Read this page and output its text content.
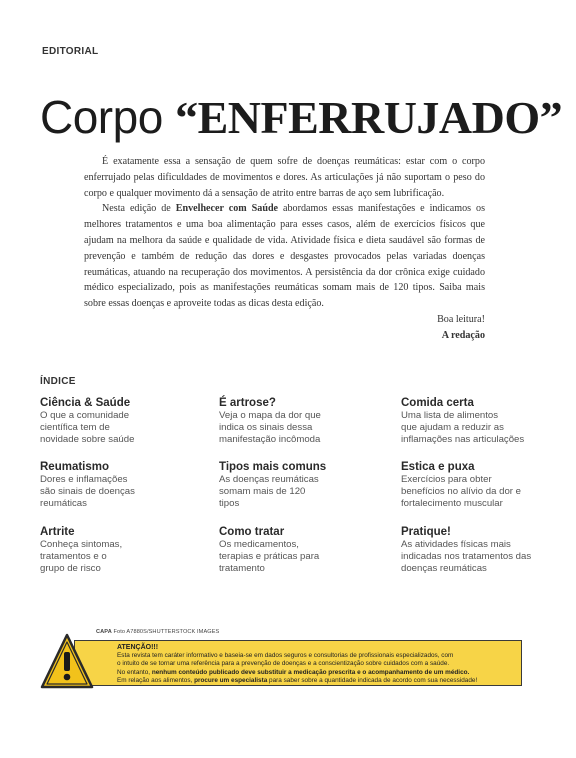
EDITORIAL
Corpo “ENFERRUJADO”

É exatamente essa a sensação de quem sofre de doenças reumáticas: estar com o corpo enferrujado pelas dificuldades de movimentos e dores. As articulações já não suportam o peso do corpo e qualquer movimento dá a sensação de atrito entre barras de aço sem lubrificação.

Nesta edição de Envelhecer com Saúde abordamos essas manifestações e indicamos os melhores tratamentos e uma boa alimentação para esses casos, além de exercícios físicos que ajudam na melhora da saúde e qualidade de vida. Atividade física e dieta saudável são formas de prevenção e também de redução das dores e desgastes provocados pelas variadas doenças reumáticas, atuando na recuperação dos movimentos. A persistência da dor crônica exige cuidado médico especializado, pois as manifestações reumáticas somam mais de 120 tipos. Saiba mais sobre essas doenças e aproveite todas as dicas desta edição.

Boa leitura!
A redação
ÍNDICE
Ciência & Saúde
O que a comunidade
científica tem de
novidade sobre saúde
É artrose?
Veja o mapa da dor que
indica os sinais dessa
manifestação incômoda
Comida certa
Uma lista de alimentos
que ajudam a reduzir as
inflamações nas articulações
Reumatismo
Dores e inflamações
são sinais de doenças
reumáticas
Tipos mais comuns
As doenças reumáticas
somam mais de 120
tipos
Estica e puxa
Exercícios para obter
benefícios no alívio da dor e
fortalecimento muscular
Artrite
Conheça sintomas,
tratamentos e o
grupo de risco
Como tratar
Os medicamentos,
terapias e práticas para
tratamento
Pratique!
As atividades físicas mais
indicadas nos tratamentos das
doenças reumáticas
CAPA Foto A7880S/SHUTTERSTOCK IMAGES
ATENÇÃO!!!
Esta revista tem caráter informativo e baseia-se em dados seguros e consultorias de profissionais especializados, com
o intuito de se tornar uma referência para a prevenção de doenças e a conscientização sobre cuidados com a saúde.
No entanto, nenhum conteúdo publicado deve substituir a medicação prescrita e o acompanhamento de um médico.
Em relação aos alimentos, procure um especialista para saber sobre a quantidade indicada de acordo com sua necessidade!
